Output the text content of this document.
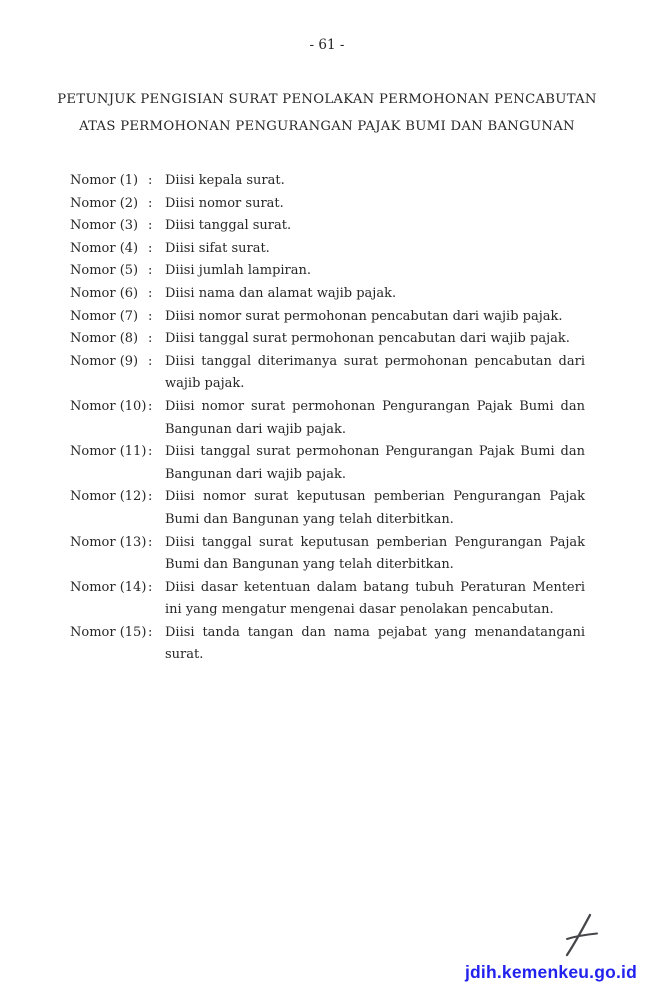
- 61 -
PETUNJUK PENGISIAN SURAT PENOLAKAN PERMOHONAN PENCABUTAN
ATAS PERMOHONAN PENGURANGAN PAJAK BUMI DAN BANGUNAN
Nomor (1) : Diisi kepala surat.
Nomor (2) : Diisi nomor surat.
Nomor (3) : Diisi tanggal surat.
Nomor (4) : Diisi sifat surat.
Nomor (5) : Diisi jumlah lampiran.
Nomor (6) : Diisi nama dan alamat wajib pajak.
Nomor (7) : Diisi nomor surat permohonan pencabutan dari wajib pajak.
Nomor (8) : Diisi tanggal surat permohonan pencabutan dari wajib pajak.
Nomor (9) : Diisi tanggal diterimanya surat permohonan pencabutan dari wajib pajak.
Nomor (10) : Diisi nomor surat permohonan Pengurangan Pajak Bumi dan Bangunan dari wajib pajak.
Nomor (11) : Diisi tanggal surat permohonan Pengurangan Pajak Bumi dan Bangunan dari wajib pajak.
Nomor (12) : Diisi nomor surat keputusan pemberian Pengurangan Pajak Bumi dan Bangunan yang telah diterbitkan.
Nomor (13) : Diisi tanggal surat keputusan pemberian Pengurangan Pajak Bumi dan Bangunan yang telah diterbitkan.
Nomor (14) : Diisi dasar ketentuan dalam batang tubuh Peraturan Menteri ini yang mengatur mengenai dasar penolakan pencabutan.
Nomor (15) : Diisi tanda tangan dan nama pejabat yang menandatangani surat.
jdih.kemenkeu.go.id
